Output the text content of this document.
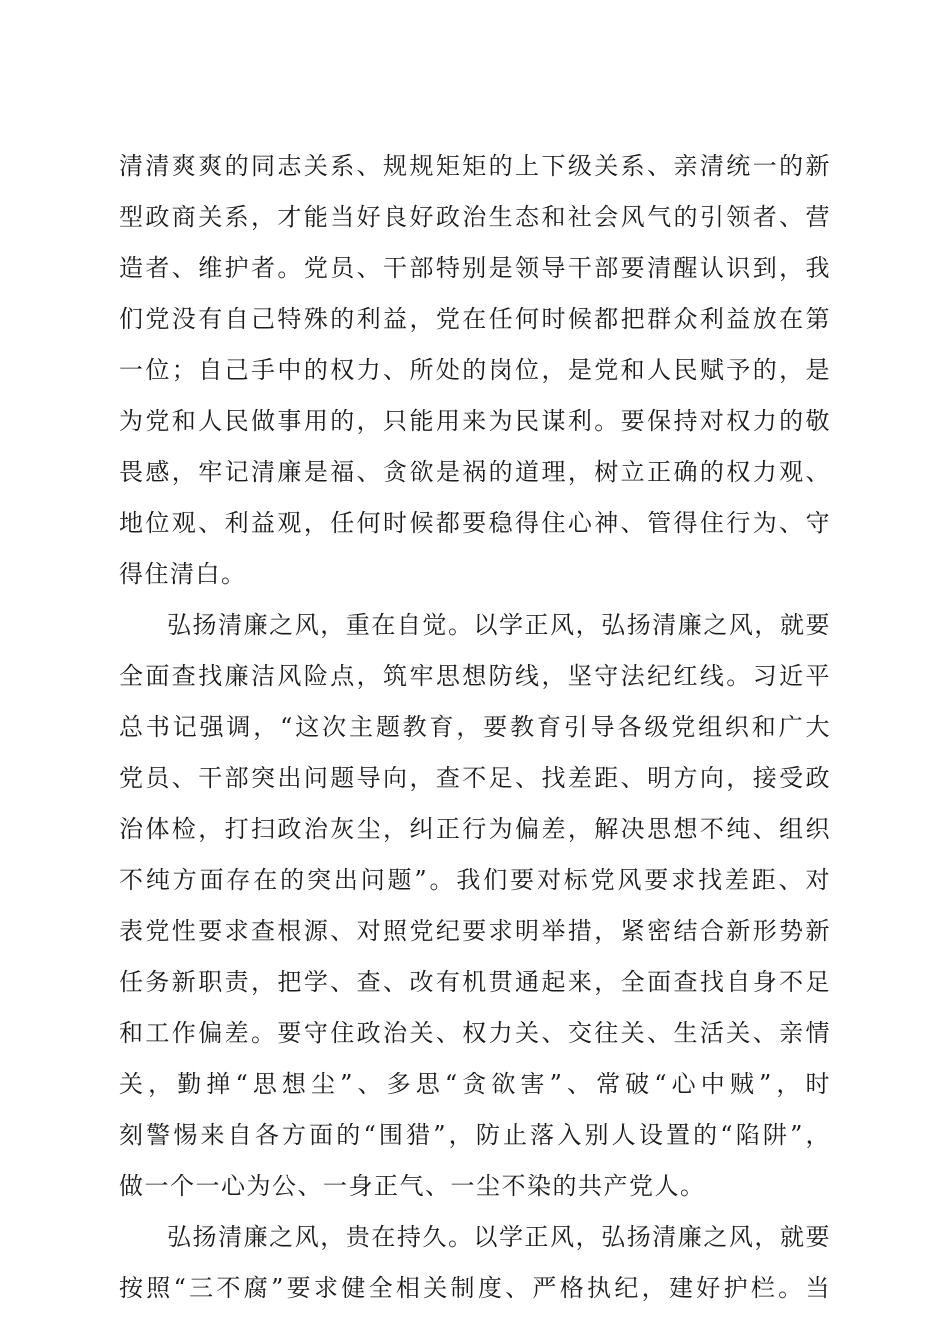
清清爽爽的同志关系、规规矩矩的上下级关系、亲清统一的新
型政商关系，才能当好良好政治生态和社会风气的引领者、营
造者、维护者。党员、干部特别是领导干部要清醒认识到，我
们党没有自己特殊的利益，党在任何时候都把群众利益放在第
一位；自己手中的权力、所处的岗位，是党和人民赋予的，是
为党和人民做事用的，只能用来为民谋利。要保持对权力的敬
畏感，牢记清廉是福、贪欲是祸的道理，树立正确的权力观、
地位观、利益观，任何时候都要稳得住心神、管得住行为、守
得住清白。
弘扬清廉之风，重在自觉。以学正风，弘扬清廉之风，就要
全面查找廉洁风险点，筑牢思想防线，坚守法纪红线。习近平
总书记强调，“这次主题教育，要教育引导各级党组织和广大
党员、干部突出问题导向，查不足、找差距、明方向，接受政
治体检，打扫政治灰尘，纠正行为偏差，解决思想不纯、组织
不纯方面存在的突出问题”。我们要对标党风要求找差距、对
表党性要求查根源、对照党纪要求明举措，紧密结合新形势新
任务新职责，把学、查、改有机贯通起来，全面查找自身不足
和工作偏差。要守住政治关、权力关、交往关、生活关、亲情
关，勤掸“思想尘”、多思“贪欲害”、常破“心中贼”，时
刻警惕来自各方面的“围猎”，防止落入别人设置的“陷阱”，
做一个一心为公、一身正气、一尘不染的共产党人。
弘扬清廉之风，贵在持久。以学正风，弘扬清廉之风，就要
按照“三不腐”要求健全相关制度、严格执纪，建好护栏。当
